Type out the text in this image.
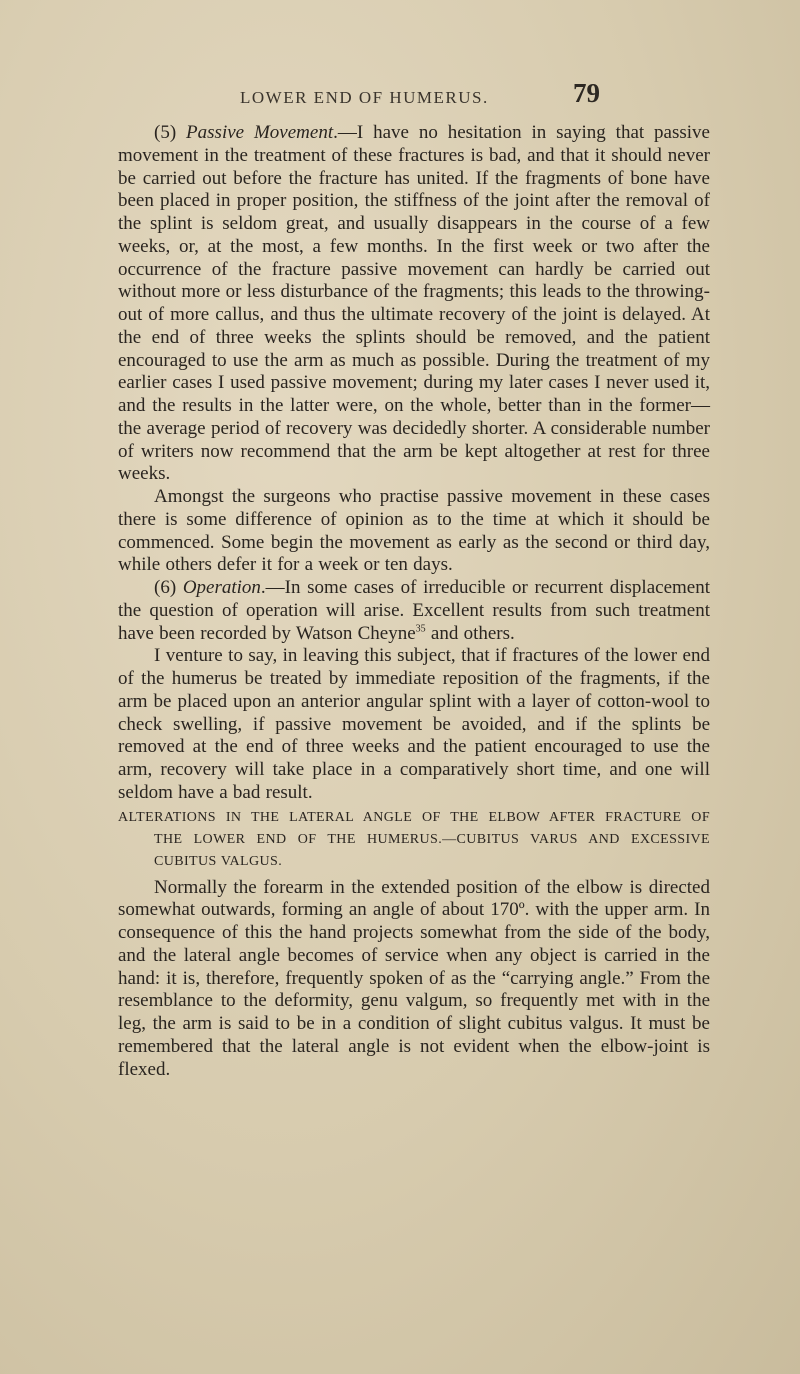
LOWER END OF HUMERUS.	79

(5) Passive Movement.—I have no hesitation in saying that passive movement in the treatment of these fractures is bad, and that it should never be carried out before the fracture has united. If the fragments of bone have been placed in proper position, the stiffness of the joint after the removal of the splint is seldom great, and usually disappears in the course of a few weeks, or, at the most, a few months. In the first week or two after the occurrence of the fracture passive movement can hardly be carried out without more or less disturbance of the fragments; this leads to the throwing-out of more callus, and thus the ultimate recovery of the joint is delayed. At the end of three weeks the splints should be removed, and the patient encouraged to use the arm as much as possible. During the treatment of my earlier cases I used passive movement; during my later cases I never used it, and the results in the latter were, on the whole, better than in the former— the average period of recovery was decidedly shorter. A considerable number of writers now recommend that the arm be kept altogether at rest for three weeks.

Amongst the surgeons who practise passive movement in these cases there is some difference of opinion as to the time at which it should be commenced. Some begin the movement as early as the second or third day, while others defer it for a week or ten days.

(6) Operation.—In some cases of irreducible or recurrent displacement the question of operation will arise. Excellent results from such treatment have been recorded by Watson Cheyne$^{35}$ and others.

I venture to say, in leaving this subject, that if fractures of the lower end of the humerus be treated by immediate reposition of the fragments, if the arm be placed upon an anterior angular splint with a layer of cotton-wool to check swelling, if passive movement be avoided, and if the splints be removed at the end of three weeks and the patient encouraged to use the arm, recovery will take place in a comparatively short time, and one will seldom have a bad result.

ALTERATIONS IN THE LATERAL ANGLE OF THE ELBOW AFTER FRACTURE OF
THE LOWER END OF THE HUMERUS.—CUBITUS VARUS AND EXCESSIVE
CUBITUS VALGUS.

Normally the forearm in the extended position of the elbow is directed somewhat outwards, forming an angle of about 170º. with the upper arm. In consequence of this the hand projects somewhat from the side of the body, and the lateral angle becomes of service when any object is carried in the hand: it is, therefore, frequently spoken of as the “carrying angle.” From the resemblance to the deformity, genu valgum, so frequently met with in the leg, the arm is said to be in a condition of slight cubitus valgus. It must be remembered that the lateral angle is not evident when the elbow-joint is flexed.
